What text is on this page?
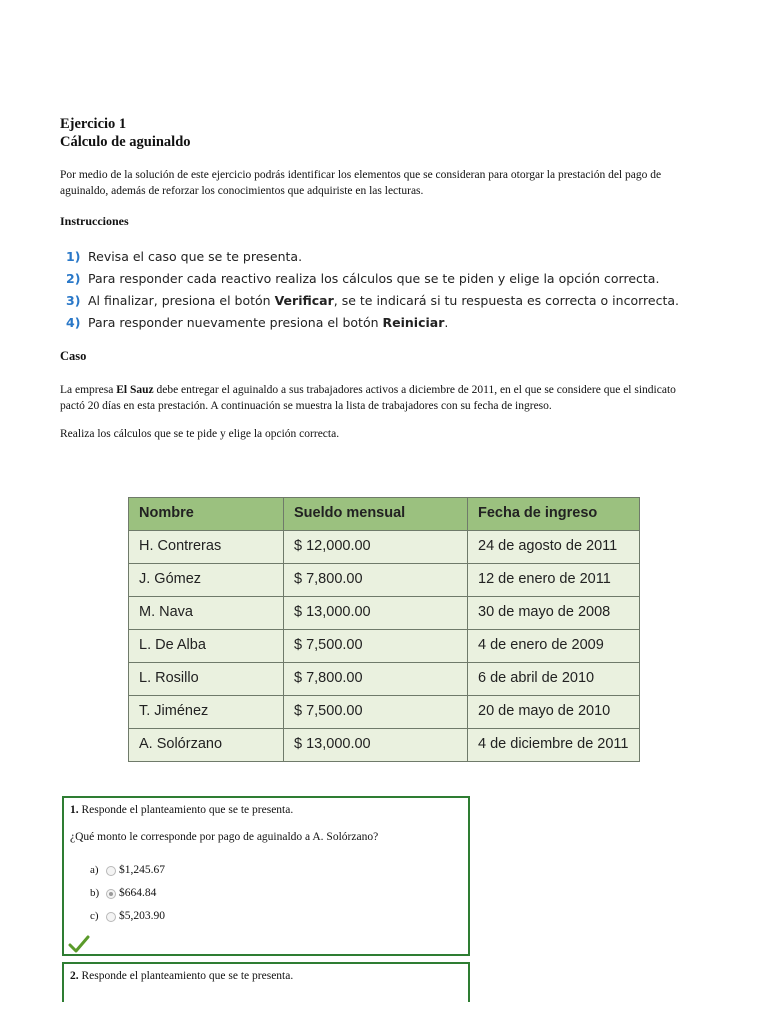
Ejercicio 1

Cálculo de aguinaldo

Por medio de la solución de este ejercicio podrás identificar los elementos que se consideran para otorgar la prestación del pago de aguinaldo, además de reforzar los conocimientos que adquiriste en las lecturas.

Instrucciones

1) Revisa el caso que se te presenta.
2) Para responder cada reactivo realiza los cálculos que se te piden y elige la opción correcta.
3) Al finalizar, presiona el botón Verificar, se te indicará si tu respuesta es correcta o incorrecta.
4) Para responder nuevamente presiona el botón Reiniciar.

Caso

La empresa El Sauz debe entregar el aguinaldo a sus trabajadores activos a diciembre de 2011, en el que se considere que el sindicato pactó 20 días en esta prestación. A continuación se muestra la lista de trabajadores con su fecha de ingreso.

Realiza los cálculos que se te pide y elige la opción correcta.

Nombre	Sueldo mensual	Fecha de ingreso
H. Contreras	$ 12,000.00	24 de agosto de 2011
J. Gómez	$ 7,800.00	12 de enero de 2011
M. Nava	$ 13,000.00	30 de mayo de 2008
L. De Alba	$ 7,500.00	4 de enero de 2009
L. Rosillo	$ 7,800.00	6 de abril de 2010
T. Jiménez	$ 7,500.00	20 de mayo de 2010
A. Solórzano	$ 13,000.00	4 de diciembre de 2011

1. Responde el planteamiento que se te presenta.

¿Qué monto le corresponde por pago de aguinaldo a A. Solórzano?

a)	$1,245.67
b)	$664.84
c)	$5,203.90

2. Responde el planteamiento que se te presenta.
